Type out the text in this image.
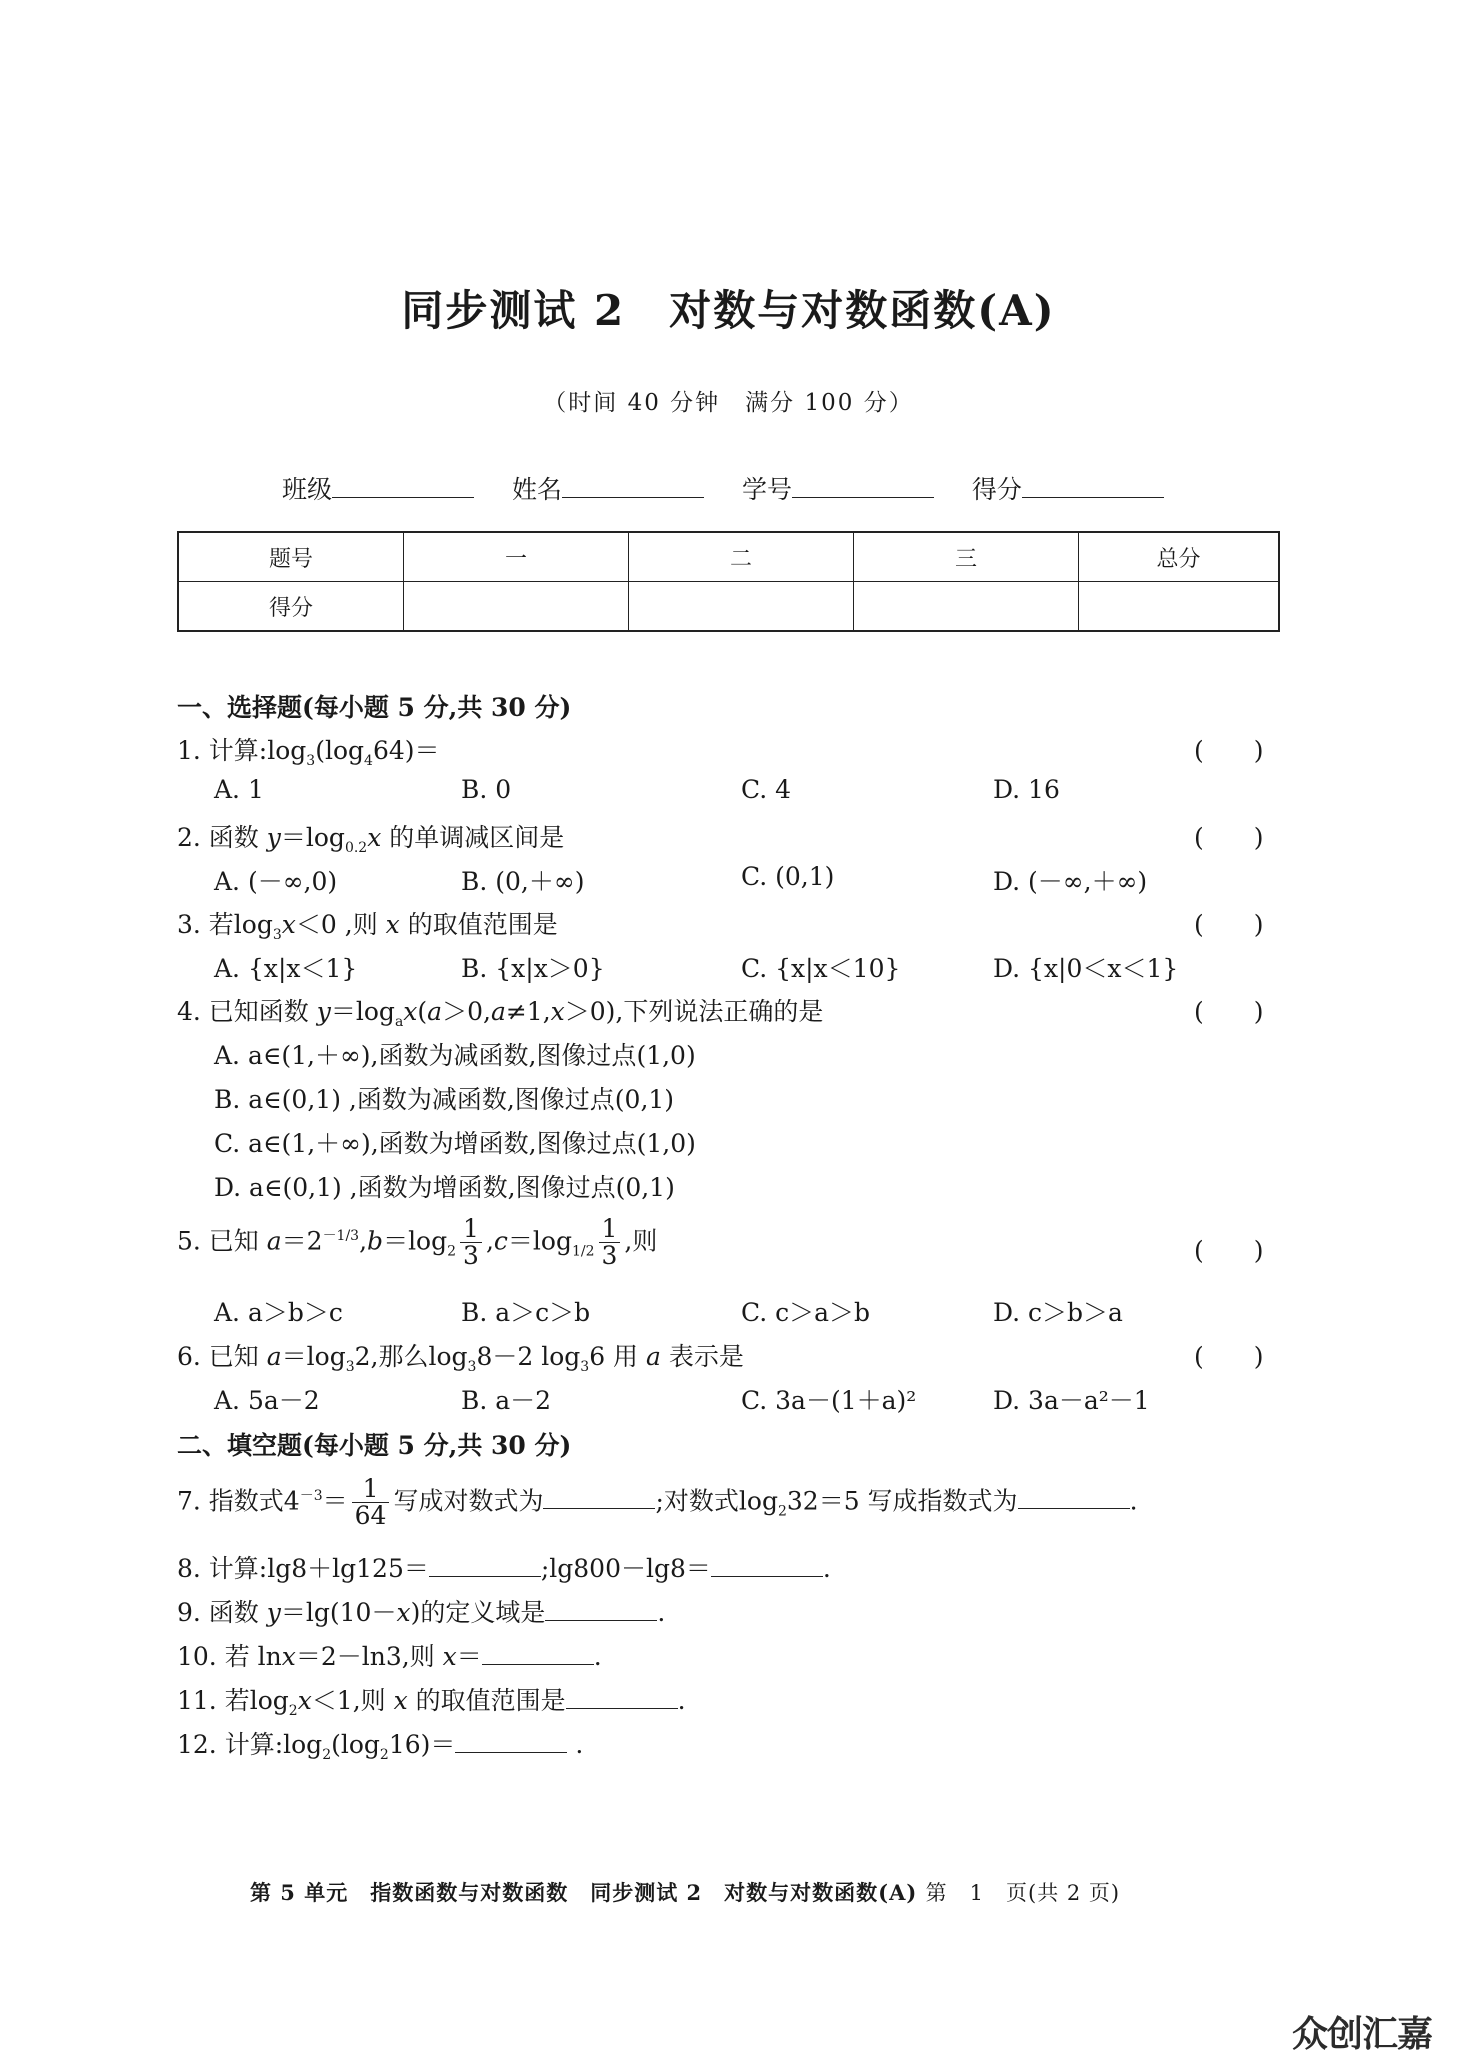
同步测试 2　对数与对数函数(A)
（时间 40 分钟　满分 100 分）
班级	姓名	学号	得分
题号	一	二	三	总分
得分				
一、选择题(每小题 5 分,共 30 分)
1. 计算$:\log_3(\log_464)=$	(　　)
A. 1	B. 0	C. 4	D. 16
2. 函数 $y=\log_{0.2}x$ 的单调减区间是	(　　)
A. (－∞,0)	B. (0,＋∞)	C. (0,1)	D. (－∞,＋∞)
3. 若$\log_3x<0$ ,则 x 的取值范围是	(　　)
A. {x|x＜1}	B. {x|x＞0}	C. {x|x＜10}	D. {x|0＜x＜1}
4. 已知函数 $y=\log_ax(a>0,a\ne 1,x>0)$,下列说法正确的是	(　　)
A. a∈(1,＋∞),函数为减函数,图像过点(1,0)
B. a∈(0,1) ,函数为减函数,图像过点(0,1)
C. a∈(1,＋∞),函数为增函数,图像过点(1,0)
D. a∈(0,1) ,函数为增函数,图像过点(0,1)
5. 已知 $a=2^{-1/3},b=\log_2 \frac{1}{3} ,c=\log_{1/2} \frac{1}{3}$ ,则	(　　)
A. a＞b＞c	B. a＞c＞b	C. c＞a＞b	D. c＞b＞a
6. 已知 $a=\log_32$,那么$\log_38-2$ $\log_36$ 用 a 表示是	(　　)
A. 5a－2	B. a－2	C. 3a－(1＋a)²	D. 3a－a²－1
二、填空题(每小题 5 分,共 30 分)
7. 指数式$4^{-3}= \frac{1}{64}$ 写成对数式为	;对数式$\log_232=5$ 写成指数式为	.
8. 计算:lg8＋lg125＝	;lg800－lg8＝	.
9. 函数 y＝lg(10－x)的定义域是	.
10. 若 lnx＝2－ln3,则 x＝	.
11. 若$\log_2x<1$,则 x 的取值范围是	.
12. 计算$:\log_2(\log_216)=$	.
第 5 单元　指数函数与对数函数　同步测试 2　对数与对数函数(A) 第　1　页(共 2 页)
众创汇嘉
